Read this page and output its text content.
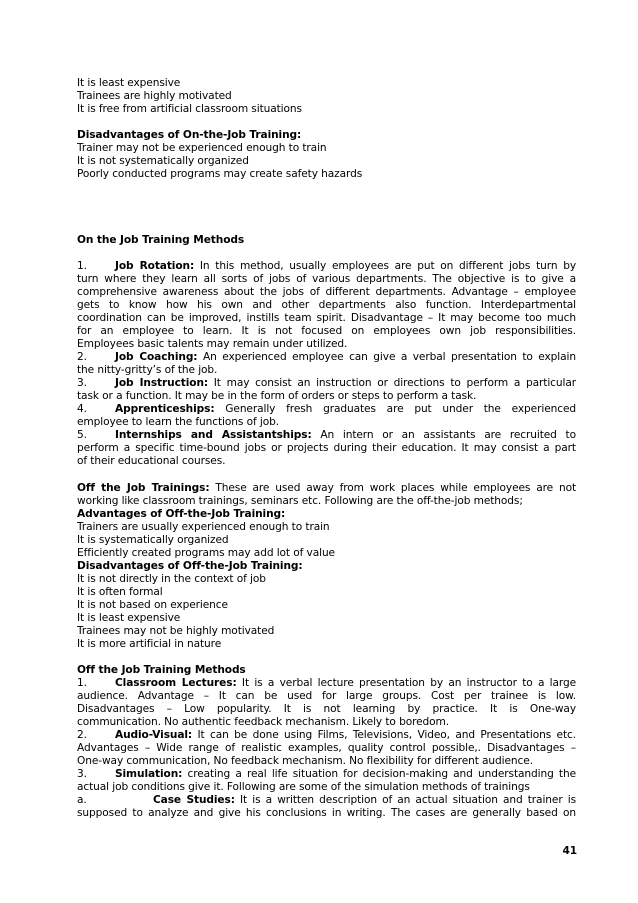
It is least expensive
Trainees are highly motivated
It is free from artificial classroom situations
Disadvantages of On-the-Job Training:
Trainer may not be experienced enough to train
It is not systematically organized
Poorly conducted programs may create safety hazards
On the Job Training Methods
1.	Job Rotation: In this method, usually employees are put on different jobs turn by
turn where they learn all sorts of jobs of various departments. The objective is to give a
comprehensive awareness about the jobs of different departments. Advantage – employee
gets to know how his own and other departments also function. Interdepartmental
coordination can be improved, instills team spirit. Disadvantage – It may become too much
for an employee to learn. It is not focused on employees own job responsibilities.
Employees basic talents may remain under utilized.
2.	Job Coaching: An experienced employee can give a verbal presentation to explain
the nitty-gritty’s of the job.
3.	Job Instruction: It may consist an instruction or directions to perform a particular
task or a function. It may be in the form of orders or steps to perform a task.
4.	Apprenticeships: Generally fresh graduates are put under the experienced
employee to learn the functions of job.
5.	Internships and Assistantships: An intern or an assistants are recruited to
perform a specific time-bound jobs or projects during their education. It may consist a part
of their educational courses.
Off the Job Trainings: These are used away from work places while employees are not
working like classroom trainings, seminars etc. Following are the off-the-job methods;
Advantages of Off-the-Job Training:
Trainers are usually experienced enough to train
It is systematically organized
Efficiently created programs may add lot of value
Disadvantages of Off-the-Job Training:
It is not directly in the context of job
It is often formal
It is not based on experience
It is least expensive
Trainees may not be highly motivated
It is more artificial in nature
Off the Job Training Methods
1.	Classroom Lectures: It is a verbal lecture presentation by an instructor to a large
audience. Advantage – It can be used for large groups. Cost per trainee is low.
Disadvantages – Low popularity. It is not learning by practice. It is One-way
communication. No authentic feedback mechanism. Likely to boredom.
2.	Audio-Visual: It can be done using Films, Televisions, Video, and Presentations etc.
Advantages – Wide range of realistic examples, quality control possible,. Disadvantages –
One-way communication, No feedback mechanism. No flexibility for different audience.
3.	Simulation: creating a real life situation for decision-making and understanding the
actual job conditions give it. Following are some of the simulation methods of trainings
a.	Case Studies: It is a written description of an actual situation and trainer is
supposed to analyze and give his conclusions in writing. The cases are generally based on
41
